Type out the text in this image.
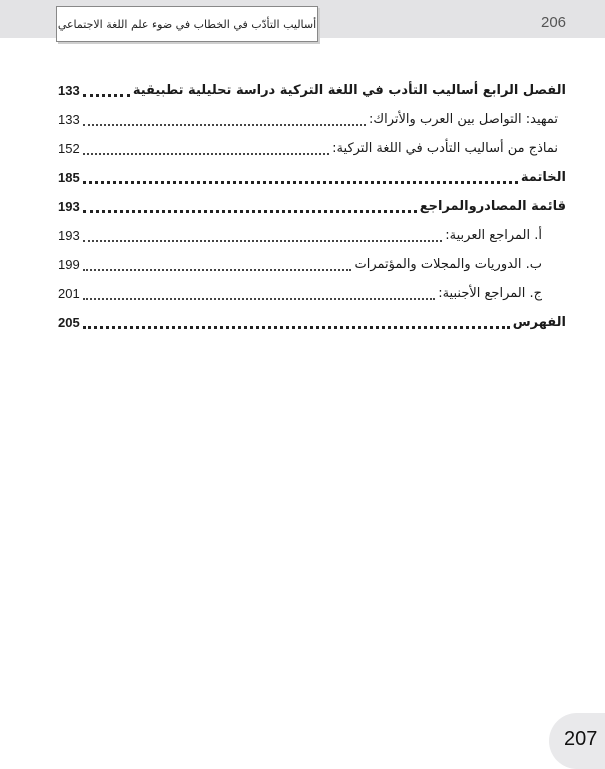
206
أساليب التأدّب في الخطاب في ضوء علم اللغة الاجتماعي
الفصل الرابع أساليب التأدب في اللغة التركية دراسة تحليلية تطبيقية
133
تمهيد: التواصل بين العرب والأتراك:
133
نماذج من أساليب التأدب في اللغة التركية:
152
الخاتمة
185
قائمة المصادروالمراجع
193
أ. المراجع العربية:
193
ب. الدوريات والمجلات والمؤتمرات
199
ج. المراجع الأجنبية:
201
الفهرس
205
207
